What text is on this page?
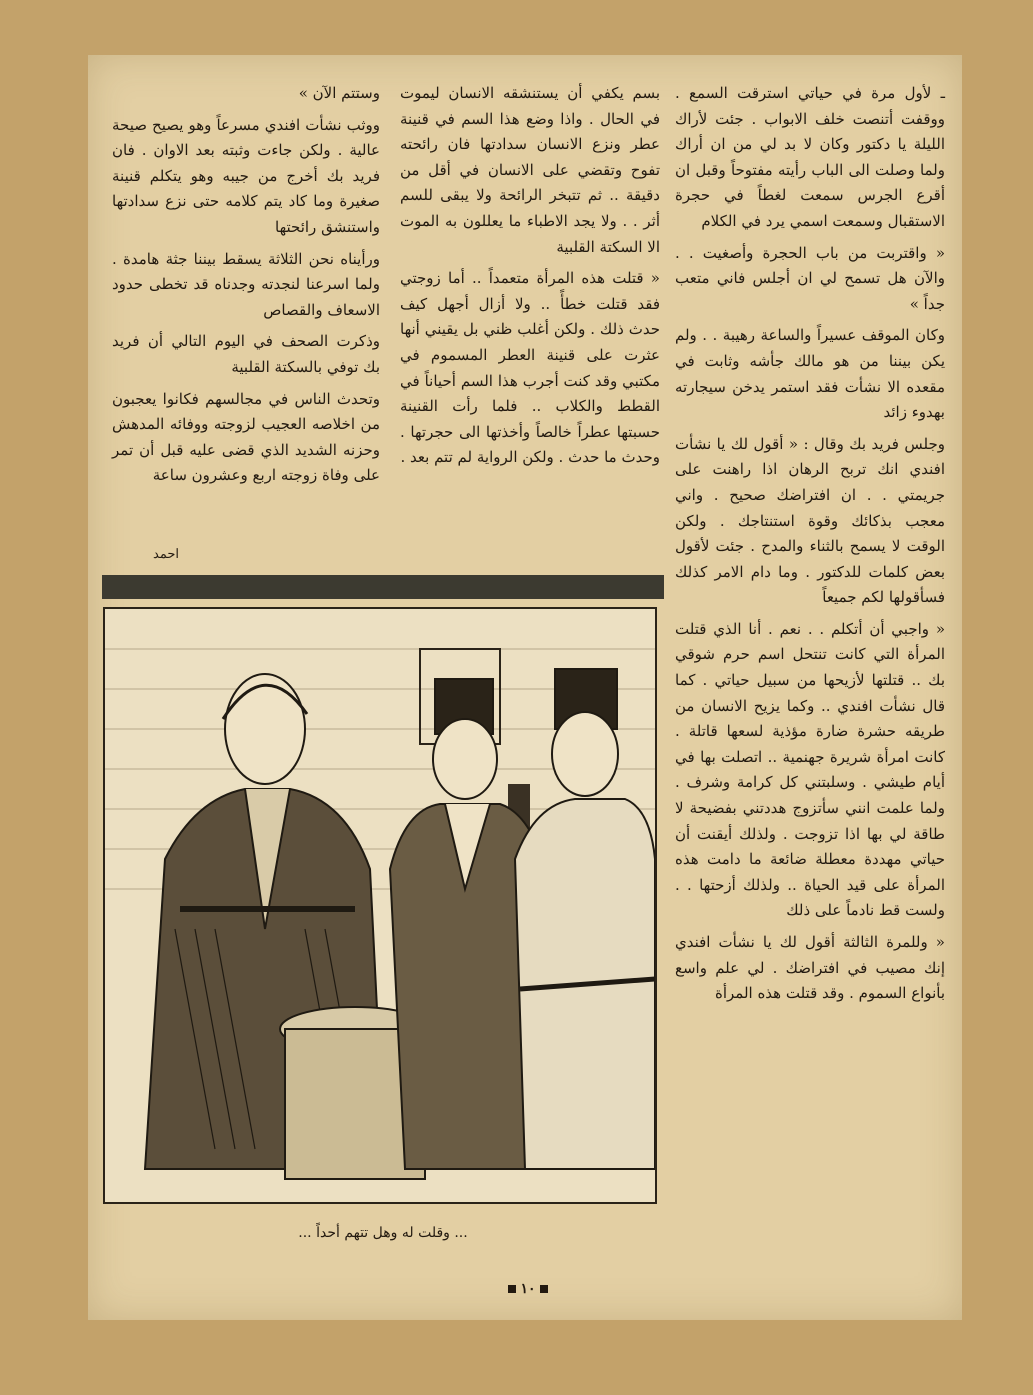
ـ لأول مرة في حياتي استرقت السمع . ووقفت أتنصت خلف الابواب . جئت لأراك الليلة يا دكتور وكان لا بد لي من ان أراك ولما وصلت الى الباب رأيته مفتوحاً وقبل ان أقرع الجرس سمعت لغطاً في حجرة الاستقبال وسمعت اسمي يرد في الكلام

« واقتربت من باب الحجرة وأصغيت . . والآن هل تسمح لي ان أجلس فاني متعب جداً »

وكان الموقف عسيراً والساعة رهيبة . . ولم يكن بيننا من هو مالك جأشه وثابت في مقعده الا نشأت فقد استمر يدخن سيجارته بهدوء زائد

وجلس فريد بك وقال : « أقول لك يا نشأت افندي انك تربح الرهان اذا راهنت على جريمتي . . ان افتراضك صحيح . واني معجب بذكائك وقوة استنتاجك . ولكن الوقت لا يسمح بالثناء والمدح . جئت لأقول بعض كلمات للدكتور . وما دام الامر كذلك فسأقولها لكم جميعاً

« واجبي أن أتكلم . . نعم . أنا الذي قتلت المرأة التي كانت تنتحل اسم حرم شوقي بك .. قتلتها لأزيحها من سبيل حياتي . كما قال نشأت افندي .. وكما يزيح الانسان من طريقه حشرة ضارة مؤذية لسعها قاتلة . كانت امرأة شريرة جهنمية .. اتصلت بها في أيام طيشي . وسلبتني كل كرامة وشرف . ولما علمت انني سأتزوج هددتني بفضيحة لا طاقة لي بها اذا تزوجت . ولذلك أيقنت أن حياتي مهددة معطلة ضائعة ما دامت هذه المرأة على قيد الحياة .. ولذلك أزحتها . . ولست قط نادماً على ذلك

« وللمرة الثالثة أقول لك يا نشأت افندي إنك مصيب في افتراضك . لي علم واسع بأنواع السموم . وقد قتلت هذه المرأة

بسم يكفي أن يستنشقه الانسان ليموت في الحال . واذا وضع هذا السم في قنينة عطر ونزع الانسان سدادتها فان رائحته تفوح وتقضي على الانسان في أقل من دقيقة .. ثم تتبخر الرائحة ولا يبقى للسم أثر . . ولا يجد الاطباء ما يعللون به الموت الا السكتة القلبية

« قتلت هذه المرأة متعمداً .. أما زوجتي فقد قتلت خطأً .. ولا أزال أجهل كيف حدث ذلك . ولكن أغلب ظني بل يقيني أنها عثرت على قنينة العطر المسموم في مكتبي وقد كنت أجرب هذا السم أحياناً في القطط والكلاب .. فلما رأت القنينة حسبتها عطراً خالصاً وأخذتها الى حجرتها . وحدث ما حدث . ولكن الرواية لم تتم بعد .

وستتم الآن »

ووثب نشأت افندي مسرعاً وهو يصيح صيحة عالية . ولكن جاءت وثبته بعد الاوان . فان فريد بك أخرج من جيبه وهو يتكلم قنينة صغيرة وما كاد يتم كلامه حتى نزع سدادتها واستنشق رائحتها

ورأيناه نحن الثلاثة يسقط بيننا جثة هامدة . ولما اسرعنا لنجدته وجدناه قد تخطى حدود الاسعاف والقصاص

وذكرت الصحف في اليوم التالي أن فريد بك توفي بالسكتة القلبية

وتحدث الناس في مجالسهم فكانوا يعجبون من اخلاصه العجيب لزوجته ووفائه المدهش وحزنه الشديد الذي قضى عليه قبل أن تمر على وفاة زوجته اربع وعشرون ساعة

احمد
... وقلت له وهل تتهم أحداً ...
١٠
